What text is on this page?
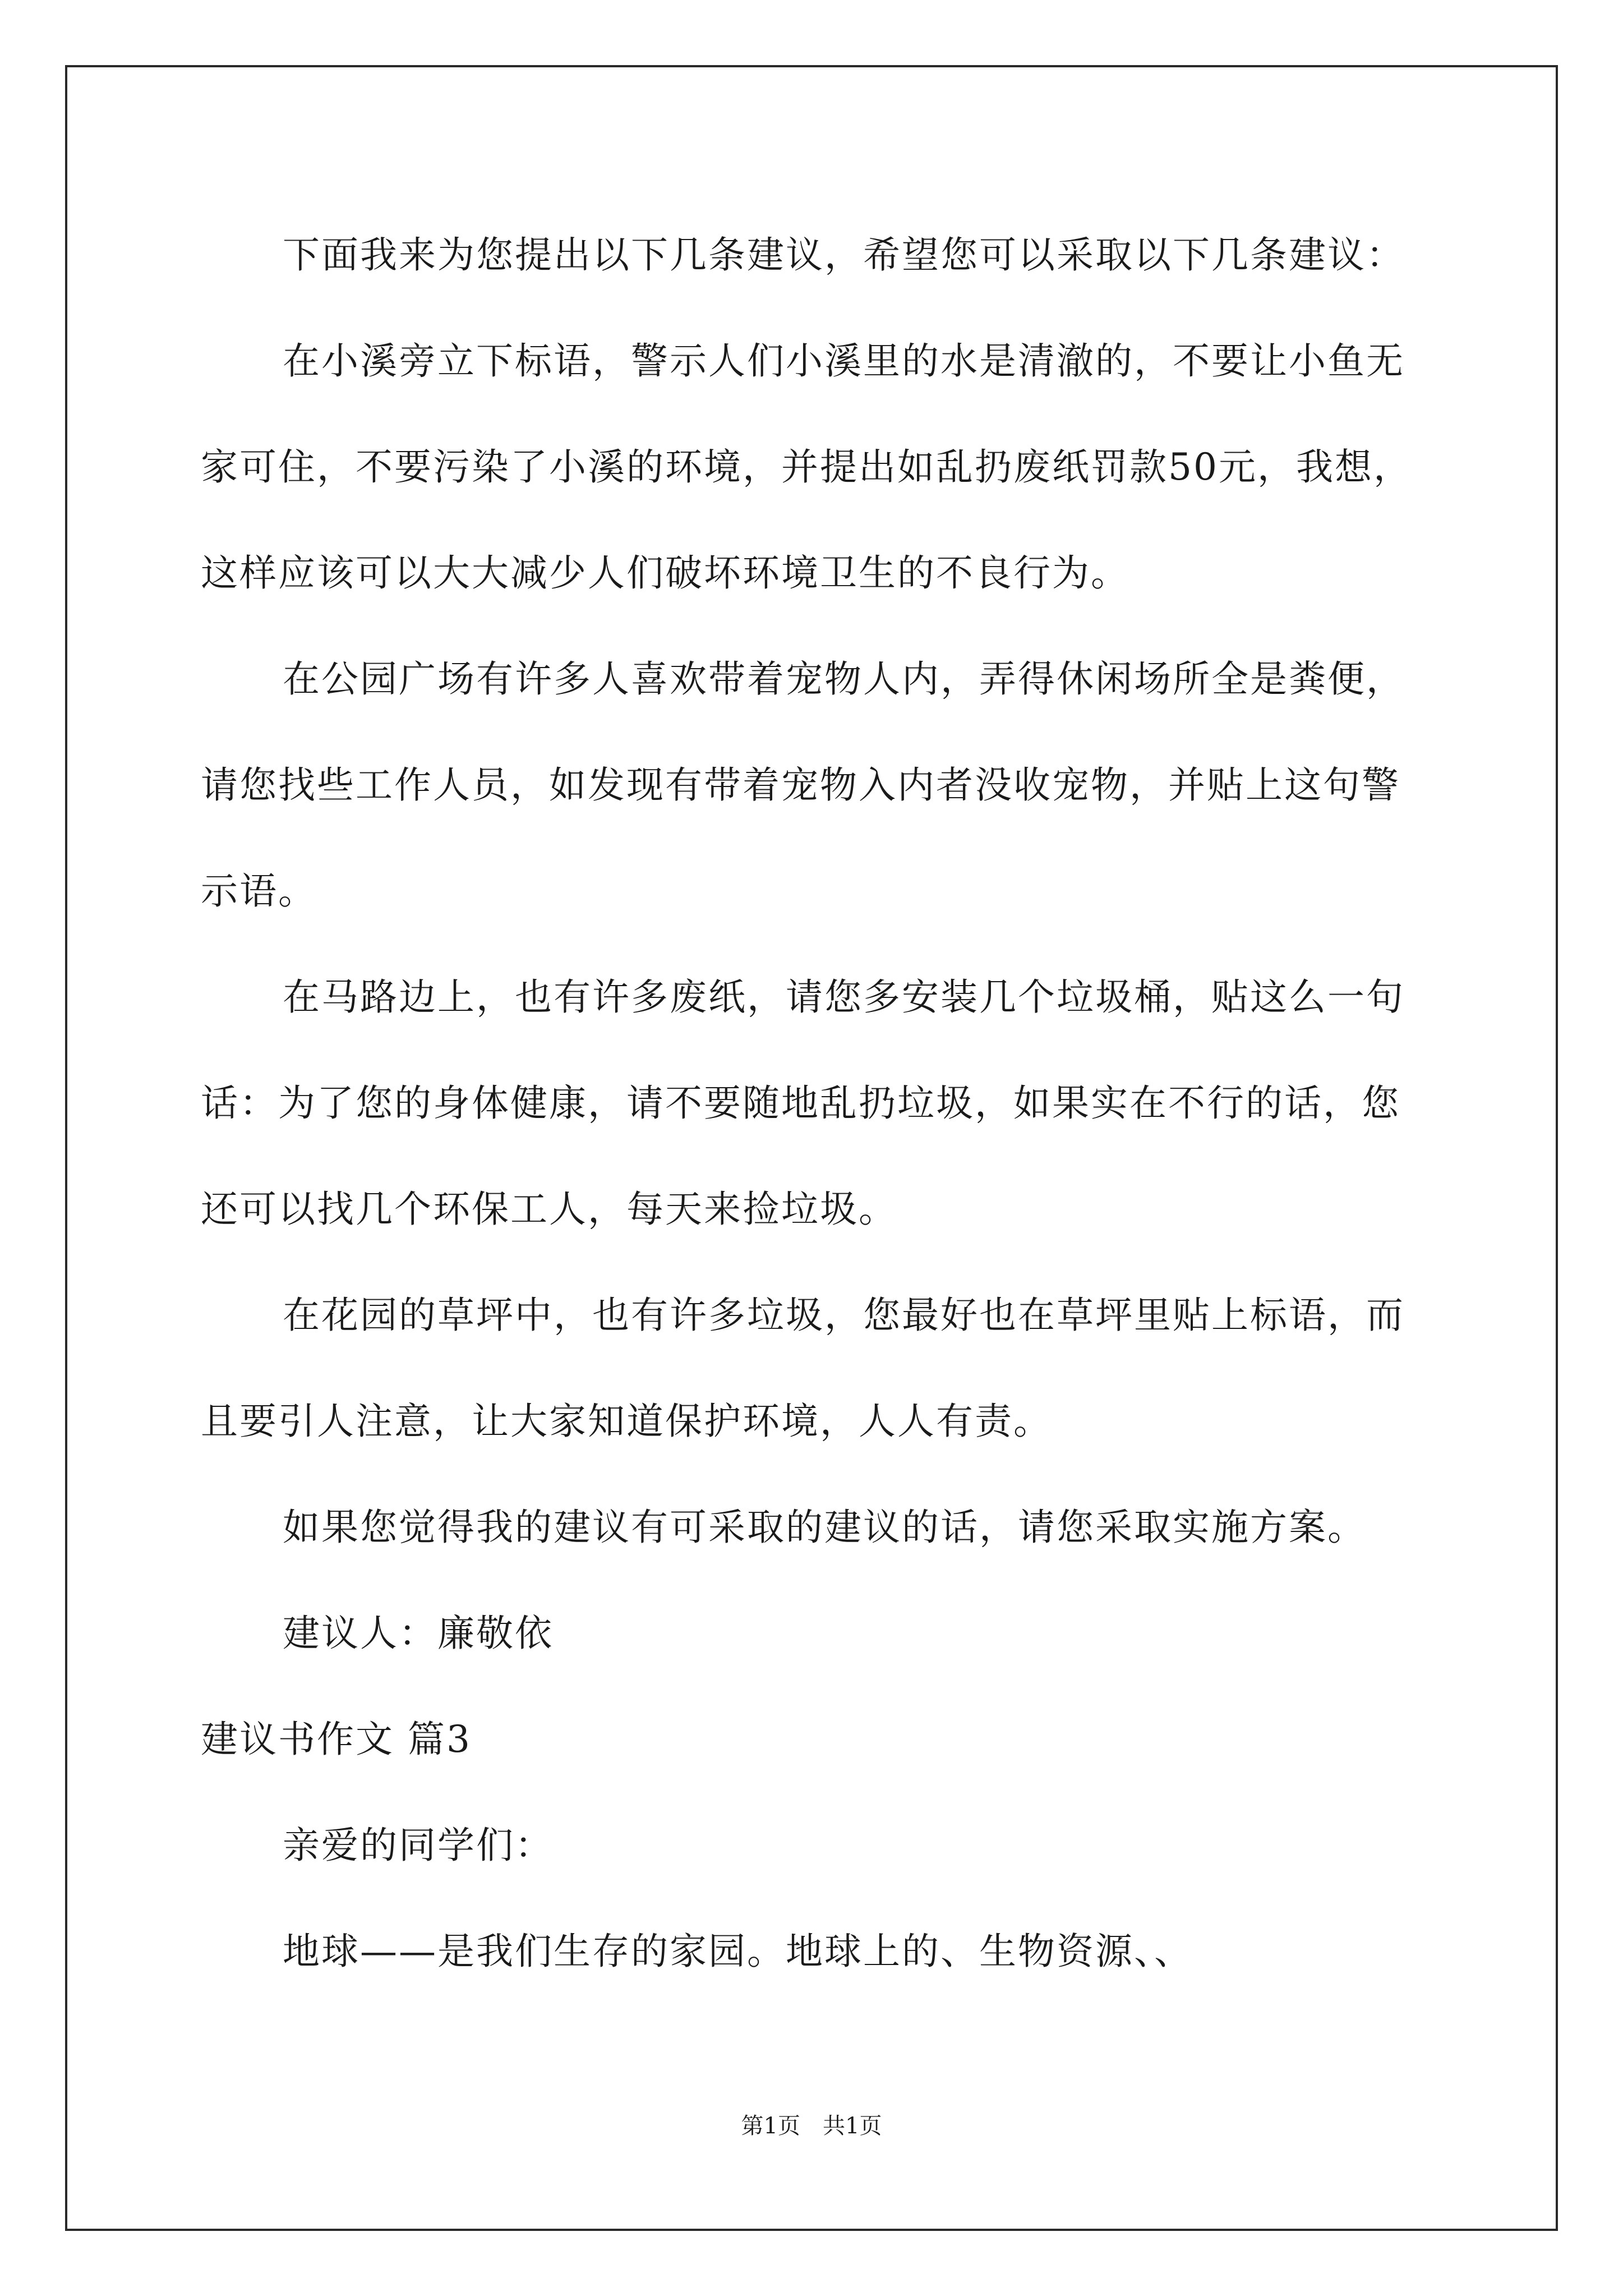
下面我来为您提出以下几条建议，希望您可以采取以下几条建议：

在小溪旁立下标语，警示人们小溪里的水是清澈的，不要让小鱼无家可住，不要污染了小溪的环境，并提出如乱扔废纸罚款50元，我想，这样应该可以大大减少人们破坏环境卫生的不良行为。

在公园广场有许多人喜欢带着宠物人内，弄得休闲场所全是粪便，请您找些工作人员，如发现有带着宠物入内者没收宠物，并贴上这句警示语。

在马路边上，也有许多废纸，请您多安装几个垃圾桶，贴这么一句话：为了您的身体健康，请不要随地乱扔垃圾，如果实在不行的话，您还可以找几个环保工人，每天来捡垃圾。

在花园的草坪中，也有许多垃圾，您最好也在草坪里贴上标语，而且要引人注意，让大家知道保护环境，人人有责。

如果您觉得我的建议有可采取的建议的话，请您采取实施方案。

建议人：廉敬依

建议书作文 篇3

亲爱的同学们：

地球——是我们生存的家园。地球上的、生物资源、、

第1页 共1页
